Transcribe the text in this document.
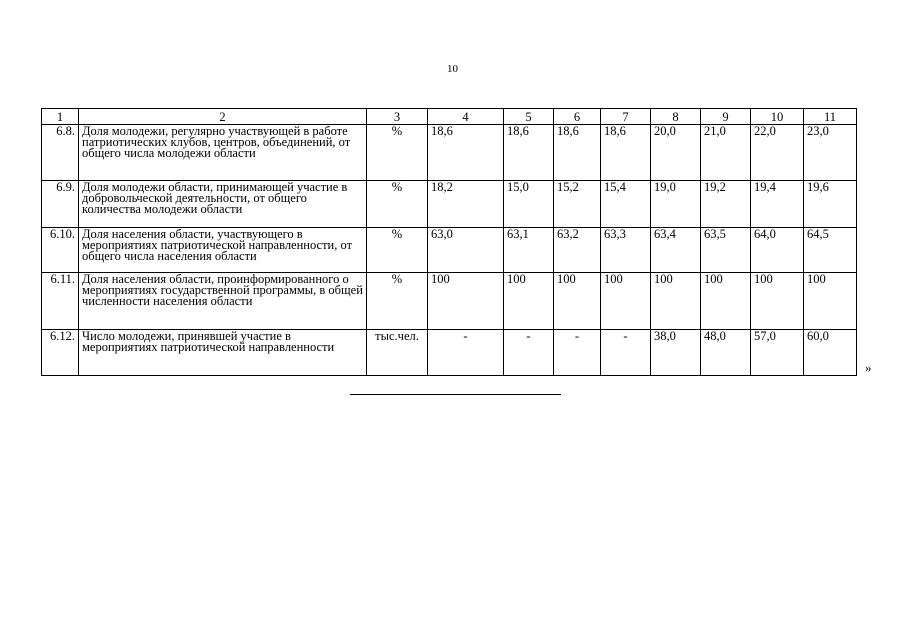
10
1	2	3	4	5	6	7	8	9	10	11
6.8.	Доля молодежи, регулярно участвующей в работе патриотических клубов, центров, объединений, от общего числа молодежи области	%	18,6	18,6	18,6	18,6	20,0	21,0	22,0	23,0
6.9.	Доля молодежи области, принимающей участие в добровольческой деятельности, от общего количества молодежи области	%	18,2	15,0	15,2	15,4	19,0	19,2	19,4	19,6
6.10.	Доля населения области, участвующего в мероприятиях патриотической направленности, от общего числа населения области	%	63,0	63,1	63,2	63,3	63,4	63,5	64,0	64,5
6.11.	Доля населения области, проинформированного о мероприятиях государственной программы, в общей численности населения области	%	100	100	100	100	100	100	100	100
6.12.	Число молодежи, принявшей участие в мероприятиях патриотической направленности	тыс.чел.	-	-	-	-	38,0	48,0	57,0	60,0
»
